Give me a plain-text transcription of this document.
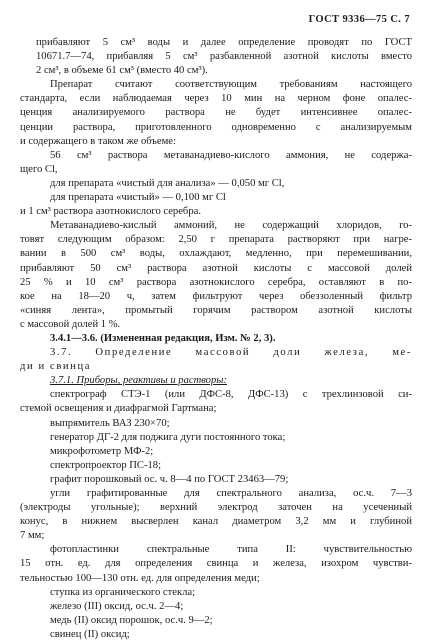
ГОСТ 9336—75 С. 7
прибавляют 5 см³ воды и далее определение проводят по ГОСТ
10671.7—74, прибавляя 5 см³ разбавленной азотной кислоты вместо
2 см³, в объеме 61 см³ (вместо 40 см³).
Препарат считают соответствующим требованиям настоящего
стандарта, если наблюдаемая через 10 мин на черном фоне опалес-
ценция анализируемого раствора не будет интенсивнее опалес-
ценции раствора, приготовленного одновременно с анализируемым
и содержащего в таком же объеме:
56 см³ раствора метаванадиево-кислого аммония, не содержа-
щего Cl,
для препарата «чистый для анализа» — 0,050 мг Cl,
для препарата «чистый» — 0,100 мг Cl
и 1 см³ раствора азотнокислого серебра.
Метаванадиево-кислый аммоний, не содержащий хлоридов, го-
товят следующим образом: 2,50 г препарата растворяют при нагре-
вании в 500 см³ воды, охлаждают, медленно, при перемешивании,
прибавляют 50 см³ раствора азотной кислоты с массовой долей
25 % и 10 см³ раствора азотнокислого серебра, оставляют в по-
кое на 18—20 ч, затем фильтруют через обеззоленный фильтр
«синяя лента», промытый горячим раствором азотной кислоты
с массовой долей 1 %.
3.4.1—3.6. (Измененная редакция, Изм. № 2, 3).
3.7. Определение массовой доли железа, ме-
ди и свинца
3.7.1. Приборы, реактивы и растворы:
спектрограф СТЭ-1 (или ДФС-8, ДФС-13) с трехлинзовой си-
стемой освещения и диафрагмой Гартмана;
выпрямитель ВАЗ 230×70;
генератор ДГ-2 для поджига дуги постоянного тока;
микрофотометр МФ-2;
спектропроектор ПС-18;
графит порошковый ос. ч. 8—4 по ГОСТ 23463—79;
угли графитированные для спектрального анализа, ос.ч. 7—3
(электроды угольные); верхний электрод заточен на усеченный
конус, в нижнем высверлен канал диаметром 3,2 мм и глубиной
7 мм;
фотопластинки спектральные типа II: чувствительностью
15 отн. ед. для определения свинца и железа, изохром чувстви-
тельностью 100—130 отн. ед. для определения меди;
ступка из органического стекла;
железо (III) оксид, ос.ч. 2—4;
медь (II) оксид порошок, ос.ч. 9—2;
свинец (II) оксид;
